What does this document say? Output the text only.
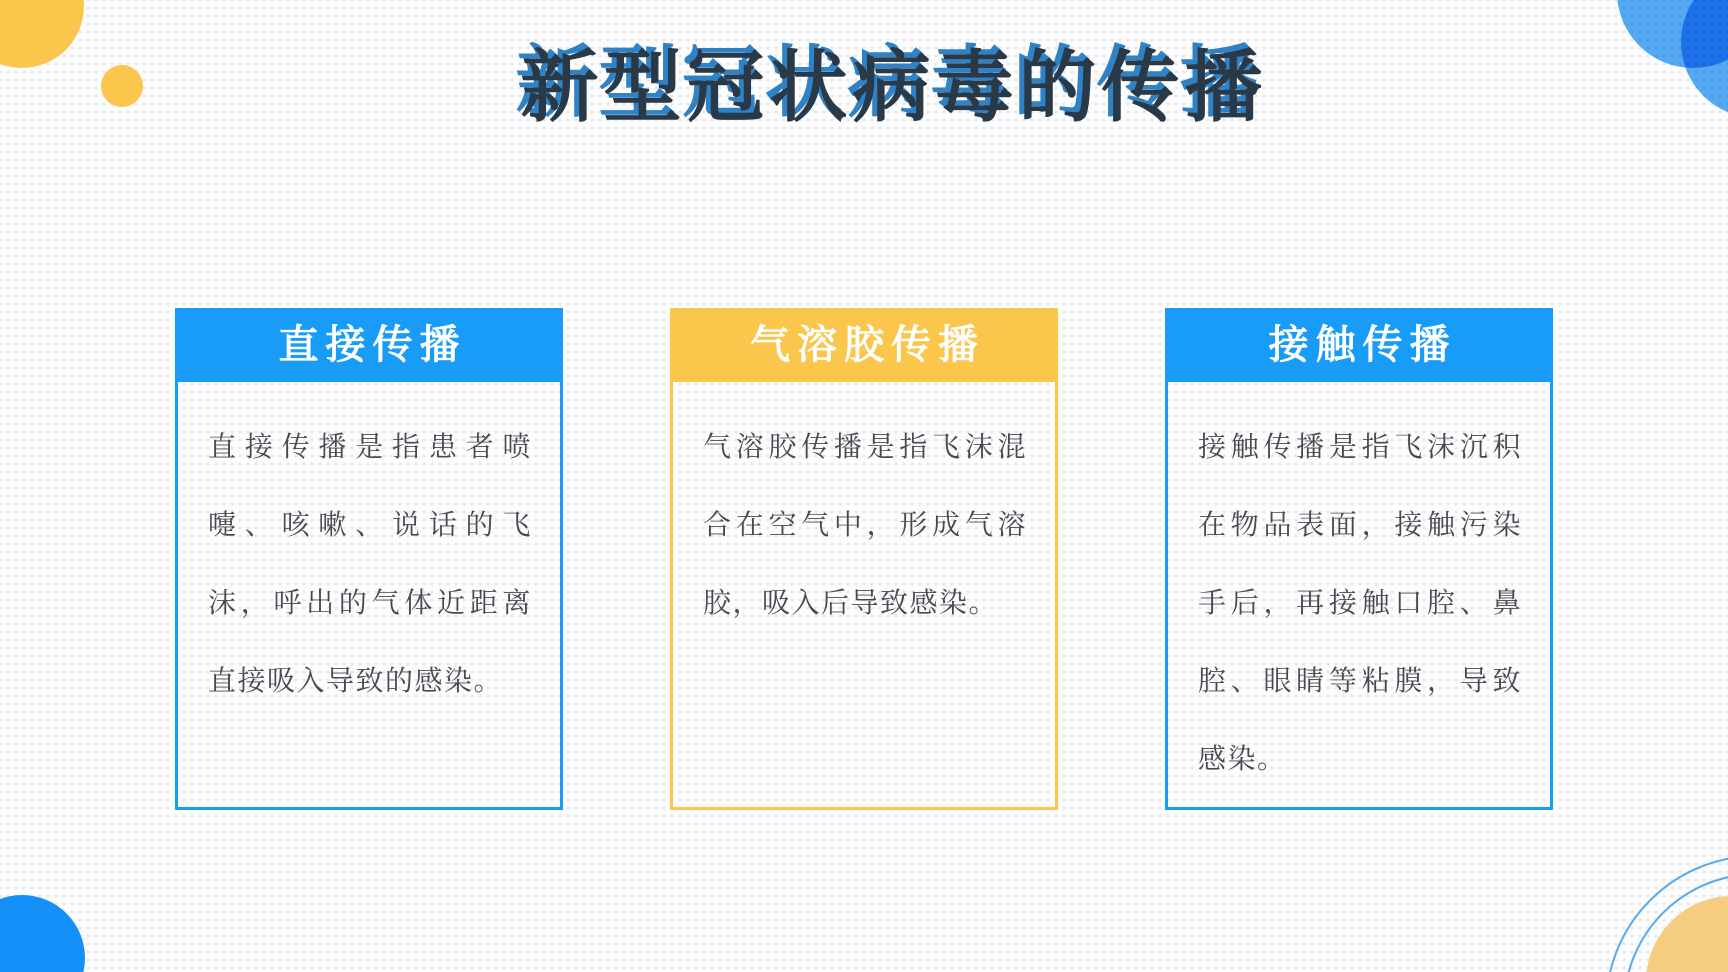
新型冠状病毒的传播
直接传播

直接传播是指患者喷嚏、咳嗽、说话的飞沫，呼出的气体近距离直接吸入导致的感染。

气溶胶传播

气溶胶传播是指飞沫混合在空气中，形成气溶胶，吸入后导致感染。

接触传播

接触传播是指飞沫沉积在物品表面，接触污染手后，再接触口腔、鼻腔、眼睛等粘膜，导致感染。
